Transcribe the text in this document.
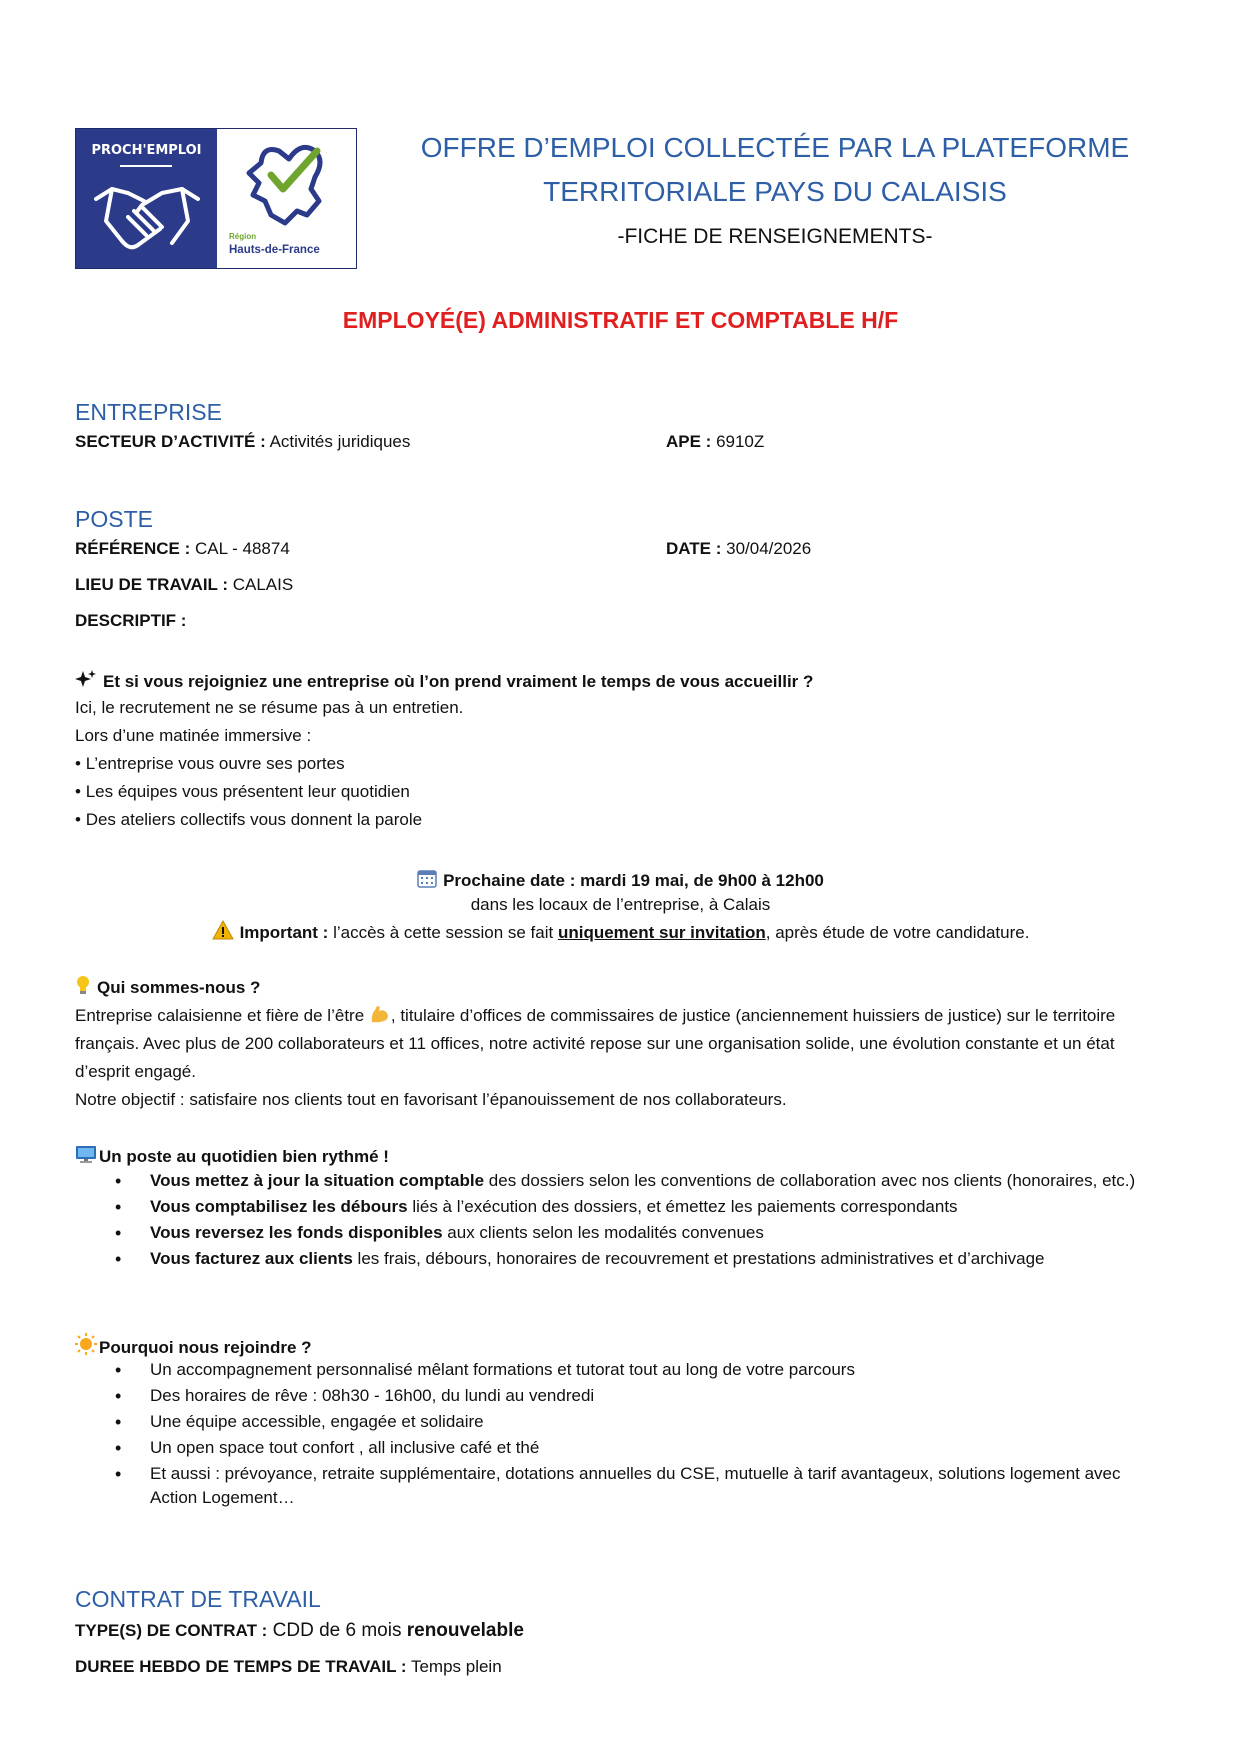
PROCH'EMPLOI
Région
Hauts-de-France
OFFRE D’EMPLOI COLLECTÉE PAR LA PLATEFORME
TERRITORIALE PAYS DU CALAISIS
-FICHE DE RENSEIGNEMENTS-
EMPLOYÉ(E) ADMINISTRATIF ET COMPTABLE H/F
ENTREPRISE
SECTEUR D’ACTIVITÉ : Activités juridiques	APE : 6910Z
POSTE
RÉFÉRENCE : CAL - 48874	DATE : 30/04/2026
LIEU DE TRAVAIL : CALAIS
DESCRIPTIF :
Et si vous rejoigniez une entreprise où l’on prend vraiment le temps de vous accueillir ?
Ici, le recrutement ne se résume pas à un entretien.
Lors d’une matinée immersive :
• L’entreprise vous ouvre ses portes
• Les équipes vous présentent leur quotidien
• Des ateliers collectifs vous donnent la parole
Prochaine date : mardi 19 mai, de 9h00 à 12h00
dans les locaux de l’entreprise, à Calais
Important : l’accès à cette session se fait uniquement sur invitation, après étude de votre candidature.
Qui sommes-nous ?
Entreprise calaisienne et fière de l’être , titulaire d’offices de commissaires de justice (anciennement huissiers de justice) sur le territoire français. Avec plus de 200 collaborateurs et 11 offices, notre activité repose sur une organisation solide, une évolution constante et un état d’esprit engagé.
Notre objectif : satisfaire nos clients tout en favorisant l’épanouissement de nos collaborateurs.
Un poste au quotidien bien rythmé !
• Vous mettez à jour la situation comptable des dossiers selon les conventions de collaboration avec nos clients (honoraires, etc.)
• Vous comptabilisez les débours liés à l’exécution des dossiers, et émettez les paiements correspondants
• Vous reversez les fonds disponibles aux clients selon les modalités convenues
• Vous facturez aux clients les frais, débours, honoraires de recouvrement et prestations administratives et d’archivage
Pourquoi nous rejoindre ?
• Un accompagnement personnalisé mêlant formations et tutorat tout au long de votre parcours
• Des horaires de rêve : 08h30 - 16h00, du lundi au vendredi
• Une équipe accessible, engagée et solidaire
• Un open space tout confort , all inclusive café et thé
• Et aussi : prévoyance, retraite supplémentaire, dotations annuelles du CSE, mutuelle à tarif avantageux, solutions logement avec Action Logement…
CONTRAT DE TRAVAIL
TYPE(S) DE CONTRAT : CDD de 6 mois renouvelable
DUREE HEBDO DE TEMPS DE TRAVAIL : Temps plein
